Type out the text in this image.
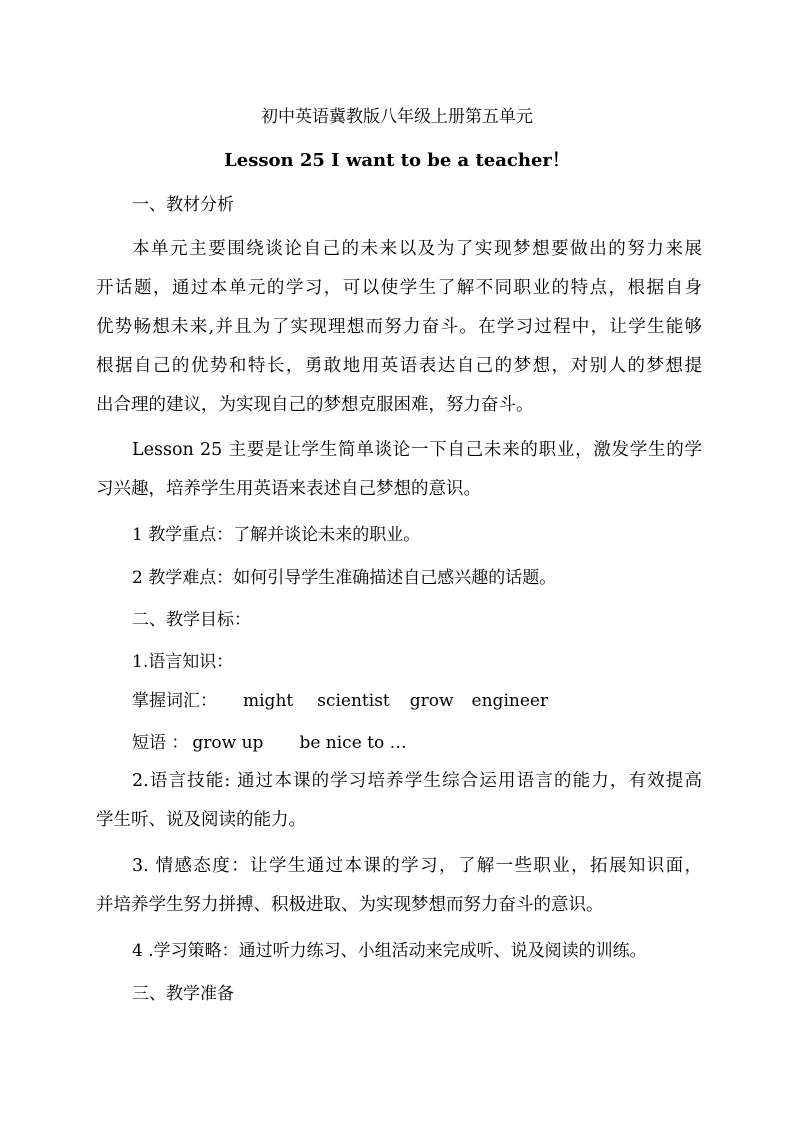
初中英语冀教版八年级上册第五单元
Lesson 25 I want to be a teacher！
一、教材分析

本单元主要围绕谈论自己的未来以及为了实现梦想要做出的努力来展

开话题，通过本单元的学习，可以使学生了解不同职业的特点，根据自身

优势畅想未来,并且为了实现理想而努力奋斗。在学习过程中，让学生能够

根据自己的优势和特长，勇敢地用英语表达自己的梦想，对别人的梦想提

出合理的建议，为实现自己的梦想克服困难，努力奋斗。

Lesson 25 主要是让学生简单谈论一下自己未来的职业，激发学生的学

习兴趣，培养学生用英语来表述自己梦想的意识。

1 教学重点：了解并谈论未来的职业。
2 教学难点：如何引导学生准确描述自己感兴趣的话题。
二、教学目标：
1.语言知识：
掌握词汇： might scientist grow engineer
短语 ： grow up be nice to …

2.语言技能: 通过本课的学习培养学生综合运用语言的能力，有效提高

学生听、说及阅读的能力。

3. 情感态度：让学生通过本课的学习，了解一些职业，拓展知识面，

并培养学生努力拼搏、积极进取、为实现梦想而努力奋斗的意识。

4 .学习策略：通过听力练习、小组活动来完成听、说及阅读的训练。
三、教学准备
